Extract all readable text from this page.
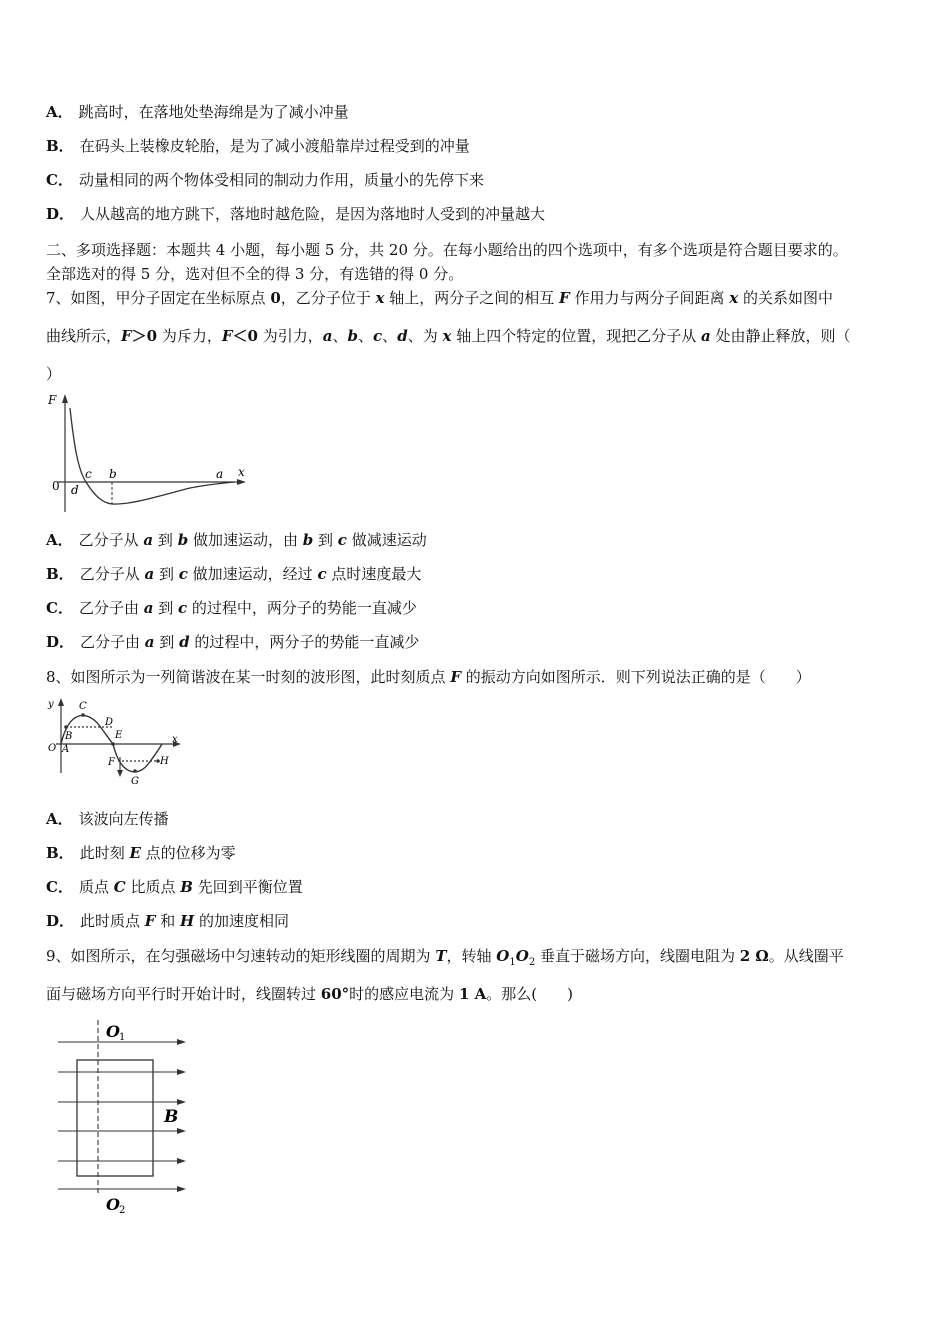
A． 跳高时，在落地处垫海绵是为了减小冲量
B． 在码头上装橡皮轮胎，是为了减小渡船靠岸过程受到的冲量
C． 动量相同的两个物体受相同的制动力作用，质量小的先停下来
D． 人从越高的地方跳下，落地时越危险，是因为落地时人受到的冲量越大
二、多项选择题：本题共 4 小题，每小题 5 分，共 20 分。在每小题给出的四个选项中，有多个选项是符合题目要求的。
全部选对的得 5 分，选对但不全的得 3 分，有选错的得 0 分。
7、如图，甲分子固定在坐标原点 0，乙分子位于 x 轴上，两分子之间的相互 F 作用力与两分子间距离 x 的关系如图中
曲线所示，F＞0 为斥力，F＜0 为引力，a、b、c、d、为 x 轴上四个特定的位置，现把乙分子从 a 处由静止释放，则（
）
F
x
0
c b	a
d
A． 乙分子从 a 到 b 做加速运动，由 b 到 c 做减速运动
B． 乙分子从 a 到 c 做加速运动，经过 c 点时速度最大
C． 乙分子由 a 到 c 的过程中，两分子的势能一直减少
D． 乙分子由 a 到 d 的过程中，两分子的势能一直减少
8、如图所示为一列简谐波在某一时刻的波形图，此时刻质点 F 的振动方向如图所示．则下列说法正确的是（　　）
y
x
O A
B
C
D
E
F
G
H
A． 该波向左传播
B． 此时刻 E 点的位移为零
C． 质点 C 比质点 B 先回到平衡位置
D． 此时质点 F 和 H 的加速度相同
9、如图所示，在匀强磁场中匀速转动的矩形线圈的周期为 T，转轴 $O_1O_2$ 垂直于磁场方向，线圈电阻为 2 Ω。从线圈平
面与磁场方向平行时开始计时，线圈转过 60°时的感应电流为 1 A。那么(　　)
O 1
O 2
B
